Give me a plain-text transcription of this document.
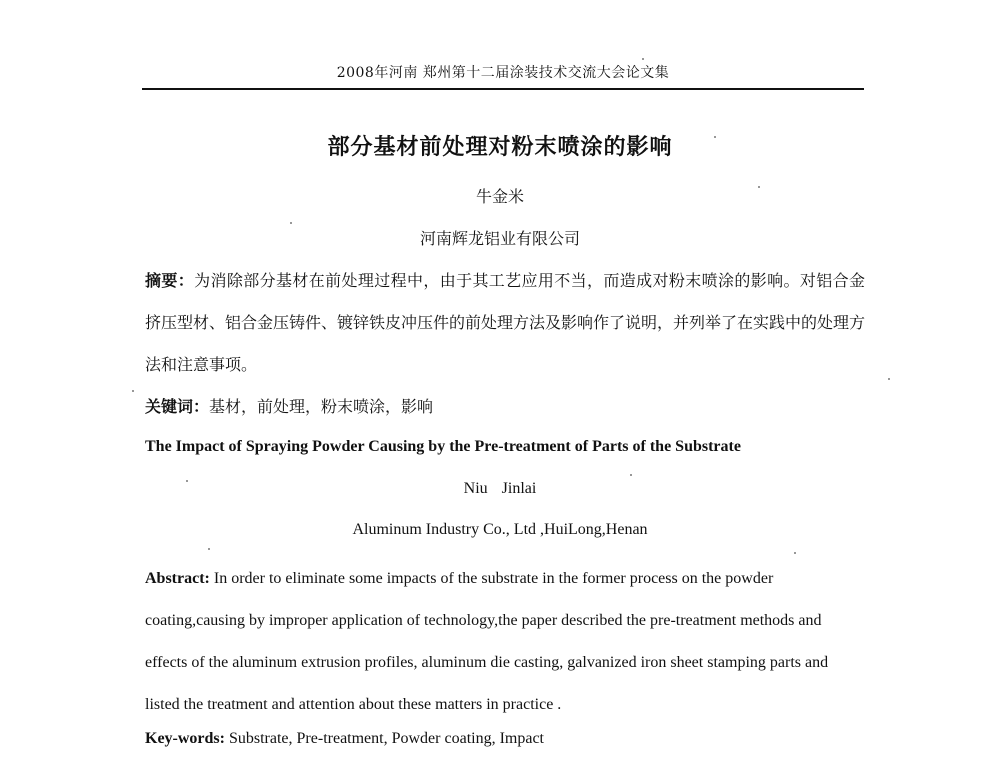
2008年河南 郑州第十二届涂装技术交流大会论文集
部分基材前处理对粉末喷涂的影响
牛金米
河南辉龙铝业有限公司

摘要：为消除部分基材在前处理过程中，由于其工艺应用不当，而造成对粉末喷涂的影响。对铝合金挤压型材、铝合金压铸件、镀锌铁皮冲压件的前处理方法及影响作了说明，并列举了在实践中的处理方法和注意事项。

关键词：基材，前处理，粉末喷涂，影响
The Impact of Spraying Powder Causing by the Pre-treatment of Parts of the Substrate
Niu Jinlai
Aluminum Industry Co., Ltd ,HuiLong,Henan

Abstract: In order to eliminate some impacts of the substrate in the former process on the powder coating,causing by improper application of technology,the paper described the pre-treatment methods and effects of the aluminum extrusion profiles, aluminum die casting, galvanized iron sheet stamping parts and listed the treatment and attention about these matters in practice .

Key-words: Substrate, Pre-treatment, Powder coating, Impact
